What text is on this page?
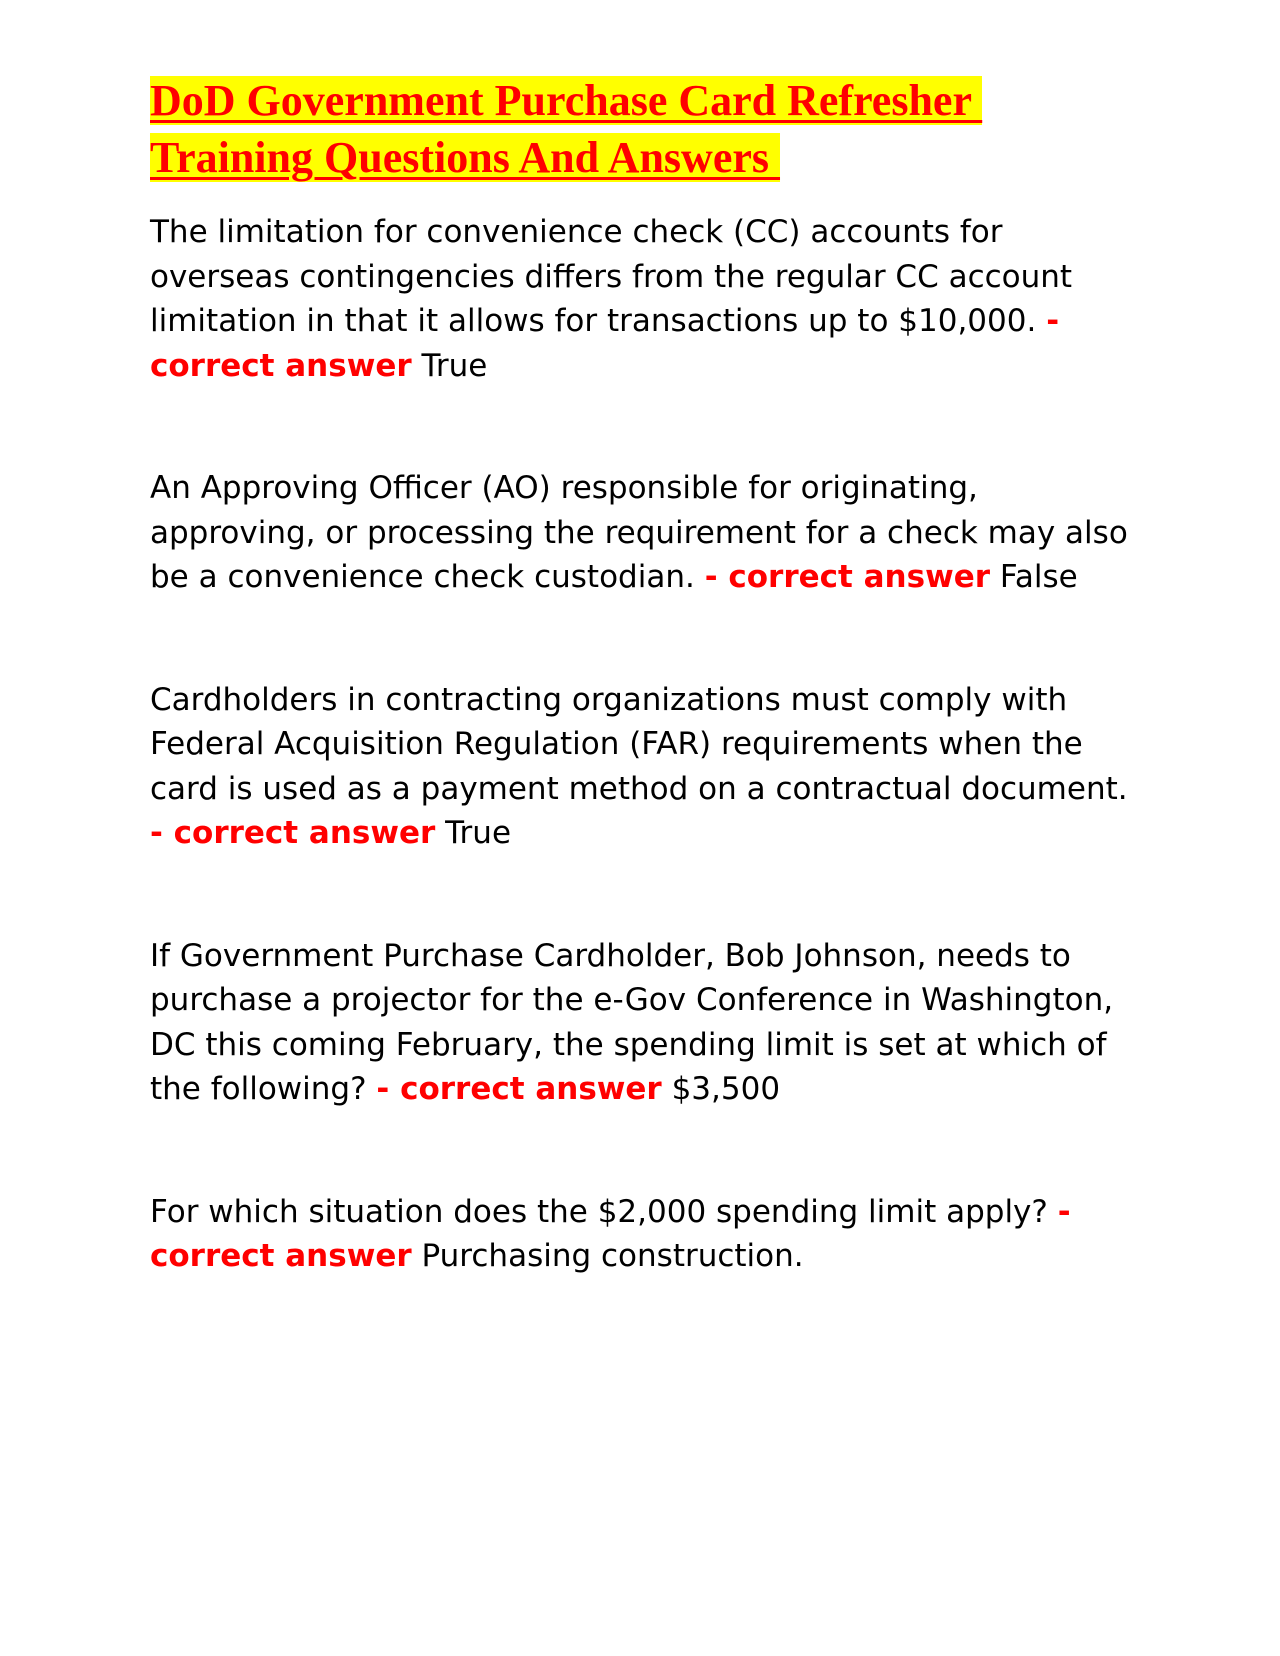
DoD Government Purchase Card Refresher Training Questions And Answers

The limitation for convenience check (CC) accounts for overseas contingencies differs from the regular CC account limitation in that it allows for transactions up to $10,000. - correct answer True

An Approving Officer (AO) responsible for originating, approving, or processing the requirement for a check may also be a convenience check custodian. - correct answer False

Cardholders in contracting organizations must comply with Federal Acquisition Regulation (FAR) requirements when the card is used as a payment method on a contractual document. - correct answer True

If Government Purchase Cardholder, Bob Johnson, needs to purchase a projector for the e-Gov Conference in Washington, DC this coming February, the spending limit is set at which of the following? - correct answer $3,500

For which situation does the $2,000 spending limit apply? - correct answer Purchasing construction.
